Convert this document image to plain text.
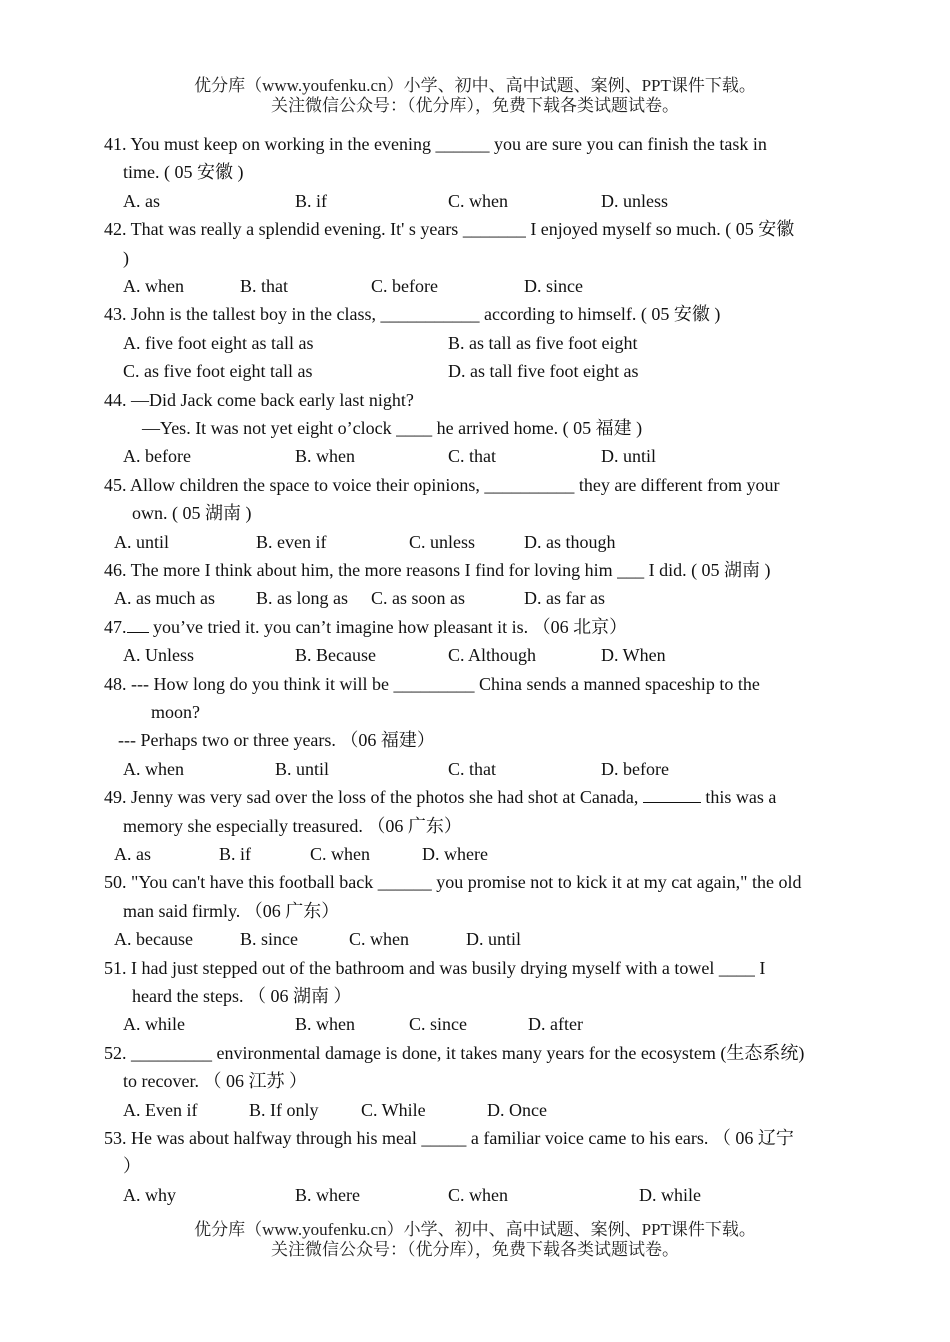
优分库（www.youfenku.cn）小学、初中、高中试题、案例、PPT课件下载。
关注微信公众号：（优分库），免费下载各类试题试卷。
41. You must keep on working in the evening ______ you are sure you can finish the task in
time. ( 05 安徽 )
A. as	B. if	C. when	D. unless
42. That was really a splendid evening. It' s years _______ I enjoyed myself so much. ( 05 安徽
)
A. when	B. that	C. before	D. since
43. John is the tallest boy in the class, ___________ according to himself. ( 05 安徽 )
A. five foot eight as tall as	B. as tall as five foot eight
C. as five foot eight tall as	D. as tall five foot eight as
44. —Did Jack come back early last night?
—Yes. It was not yet eight o’clock ____ he arrived home. ( 05 福建 )
A. before	B. when	C. that	D. until
45. Allow children the space to voice their opinions, __________ they are different from your
own. ( 05 湖南 )
A. until	B. even if	C. unless	D. as though
46. The more I think about him, the more reasons I find for loving him ___ I did. ( 05 湖南 )
A. as much as B. as long as C. as soon as	D. as far as
47. you’ve tried it. you can’t imagine how pleasant it is. （06 北京）
A. Unless	B. Because	C. Although	D. When
48. --- How long do you think it will be _________ China sends a manned spaceship to the
moon?
--- Perhaps two or three years. （06 福建）
A. when	B. until	C. that	D. before
49. Jenny was very sad over the loss of the photos she had shot at Canada,	this was a
memory she especially treasured. （06 广东）
A. as	B. if	C. when	D. where
50. "You can't have this football back ______ you promise not to kick it at my cat again," the old
man said firmly. （06 广东）
A. because	B. since	C. when	D. until
51. I had just stepped out of the bathroom and was busily drying myself with a towel ____ I
heard the steps. （ 06 湖南 ）
A. while	B. when	C. since	D. after
52. _________ environmental damage is done, it takes many years for the ecosystem (生态系统)
to recover. （ 06 江苏 ）
A. Even if	B. If only C. While	D. Once
53. He was about halfway through his meal _____ a familiar voice came to his ears. （ 06 辽宁
）
A. why	B. where	C. when	D. while
优分库（www.youfenku.cn）小学、初中、高中试题、案例、PPT课件下载。
关注微信公众号：（优分库），免费下载各类试题试卷。
